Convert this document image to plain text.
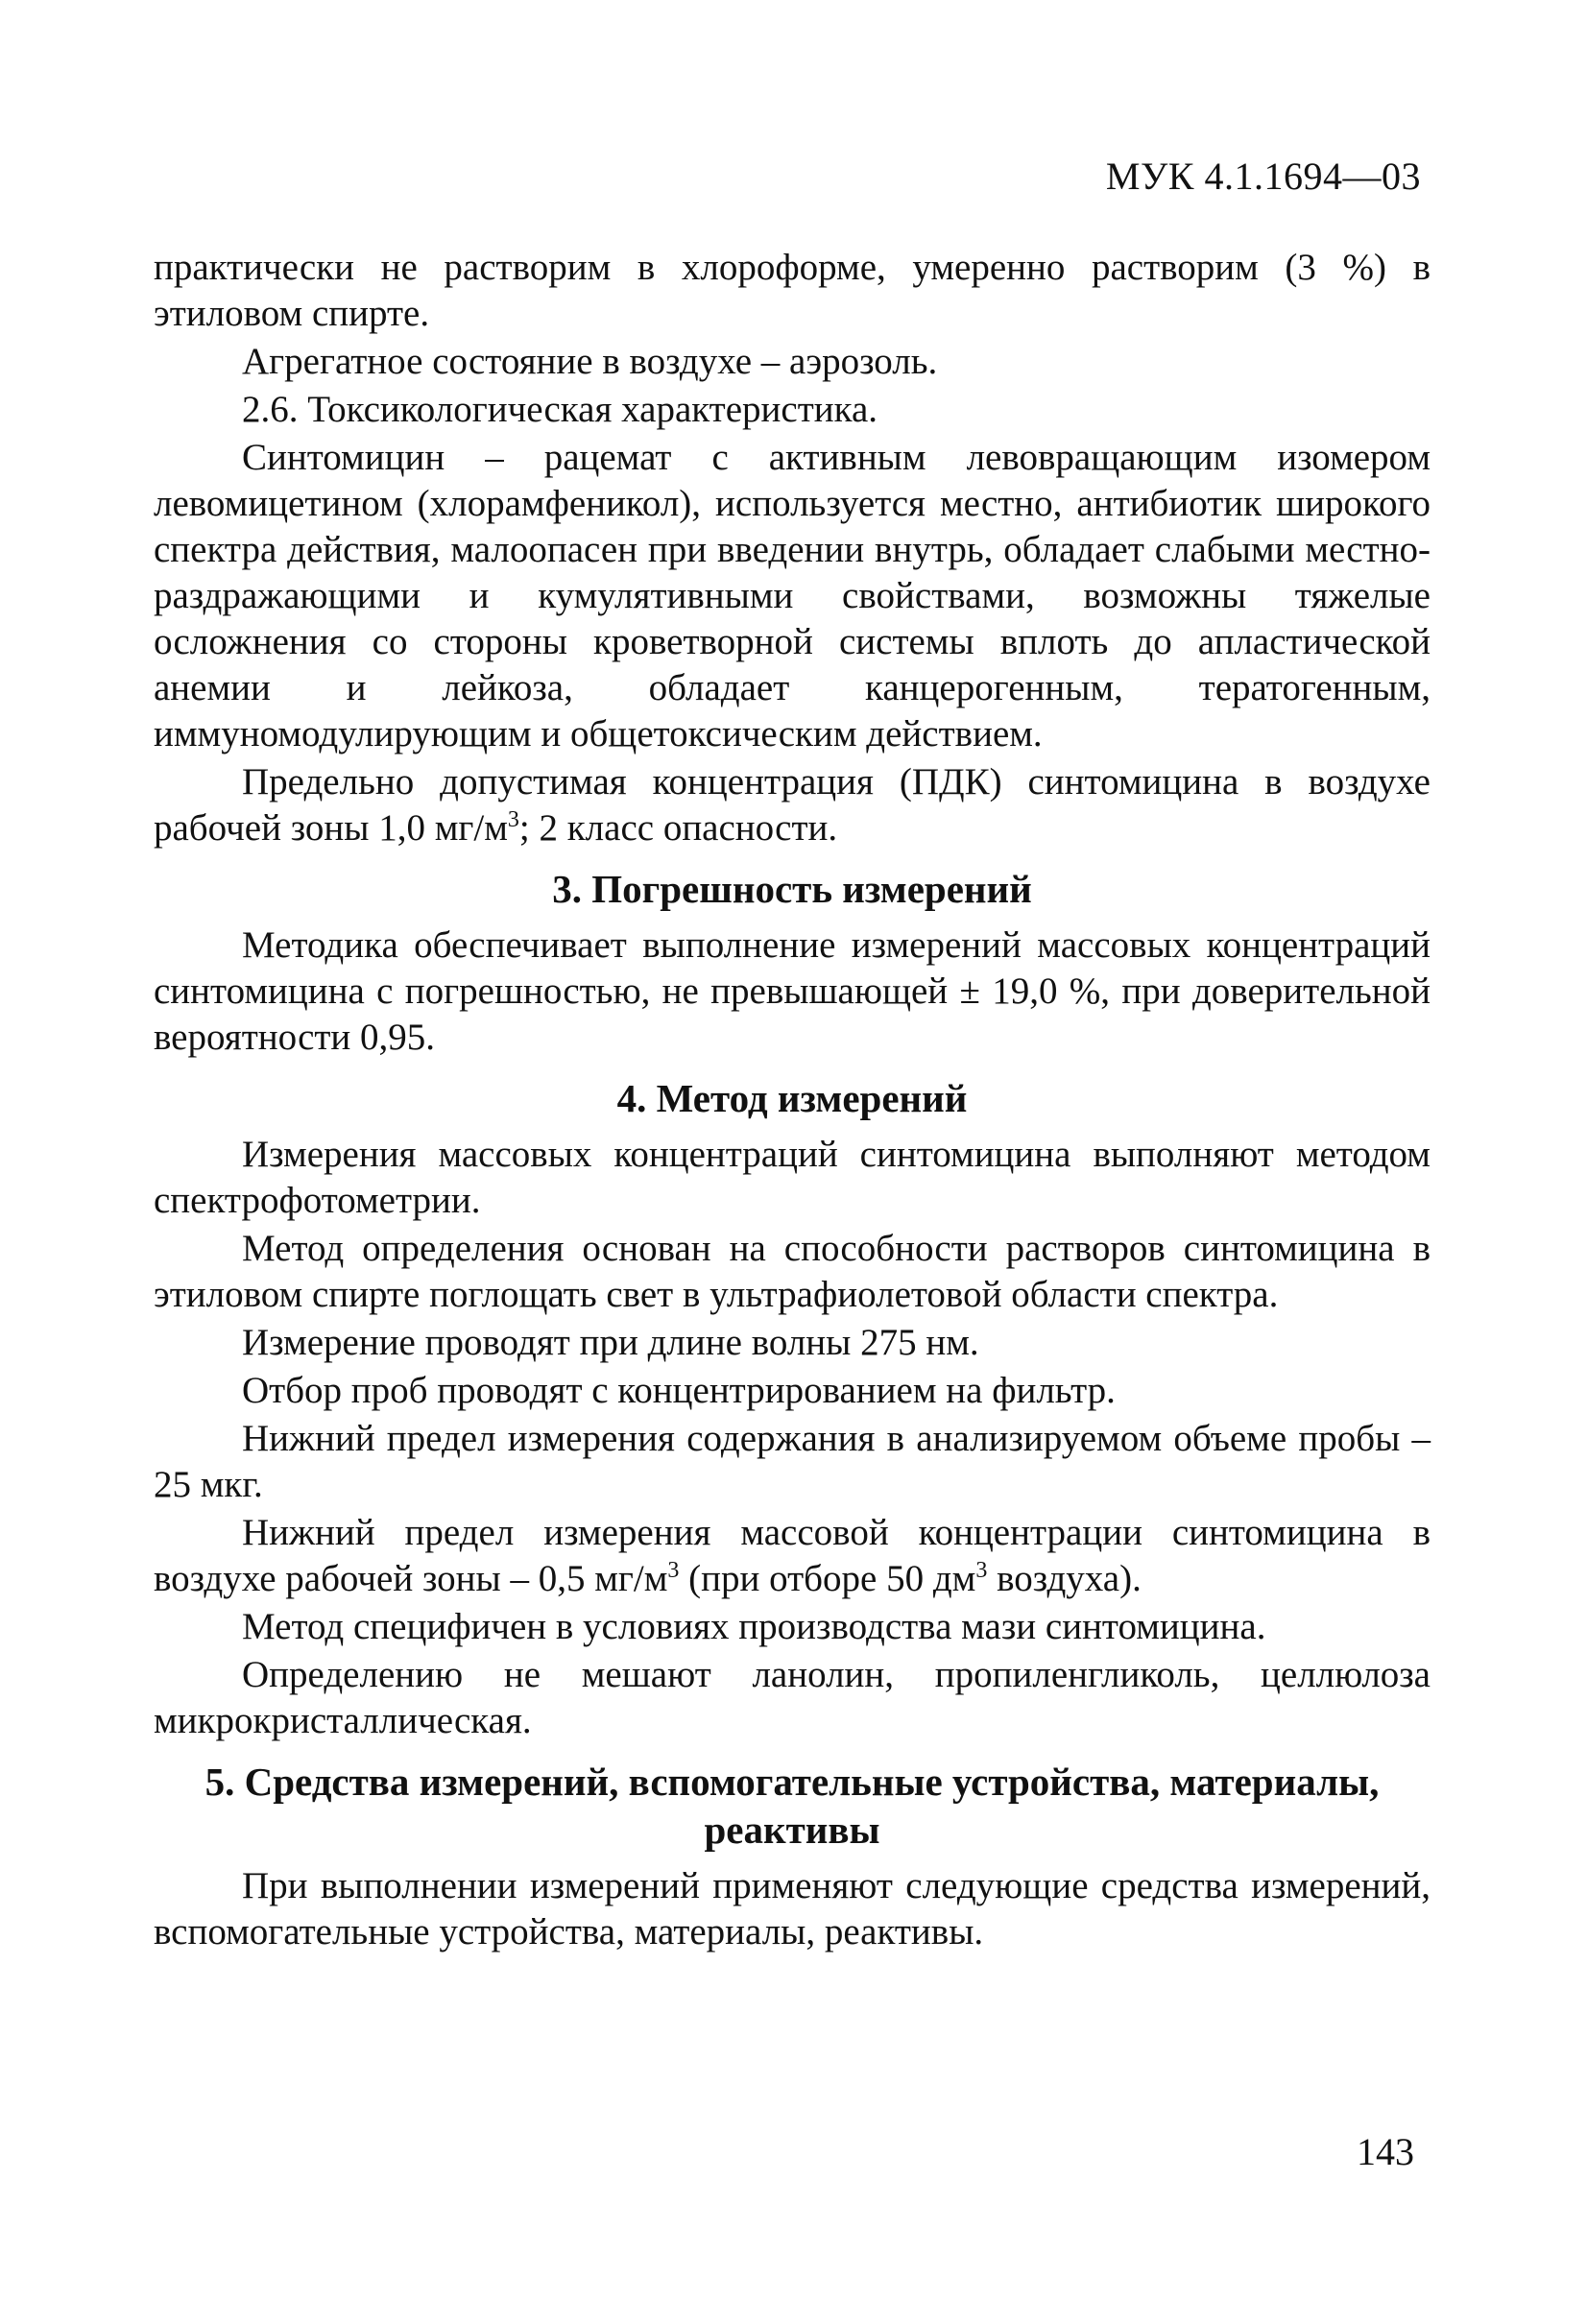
МУК 4.1.1694—03

практически не растворим в хлороформе, умеренно растворим (3 %) в этиловом спирте.

Агрегатное состояние в воздухе – аэрозоль.

2.6. Токсикологическая характеристика.

Синтомицин – рацемат с активным левовращающим изомером левомицетином (хлорамфеникол), используется местно, антибиотик широкого спектра действия, малоопасен при введении внутрь, обладает слабыми местно-раздражающими и кумулятивными свойствами, возможны тяжелые осложнения со стороны кроветворной системы вплоть до апластической анемии и лейкоза, обладает канцерогенным, тератогенным, иммуномодулирующим и общетоксическим действием.

Предельно допустимая концентрация (ПДК) синтомицина в воздухе рабочей зоны 1,0 $мг/м^3$; 2 класс опасности.

3. Погрешность измерений

Методика обеспечивает выполнение измерений массовых концентраций синтомицина с погрешностью, не превышающей ± 19,0 %, при доверительной вероятности 0,95.

4. Метод измерений

Измерения массовых концентраций синтомицина выполняют методом спектрофотометрии.

Метод определения основан на способности растворов синтомицина в этиловом спирте поглощать свет в ультрафиолетовой области спектра.

Измерение проводят при длине волны 275 нм.

Отбор проб проводят с концентрированием на фильтр.

Нижний предел измерения содержания в анализируемом объеме пробы – 25 мкг.

Нижний предел измерения массовой концентрации синтомицина в воздухе рабочей зоны – 0,5 $мг/м^3$ (при отборе 50 $дм^3$ воздуха).

Метод специфичен в условиях производства мази синтомицина.

Определению не мешают ланолин, пропиленгликоль, целлюлоза микрокристаллическая.

5. Средства измерений, вспомогательные устройства, материалы, реактивы

При выполнении измерений применяют следующие средства измерений, вспомогательные устройства, материалы, реактивы.

143
